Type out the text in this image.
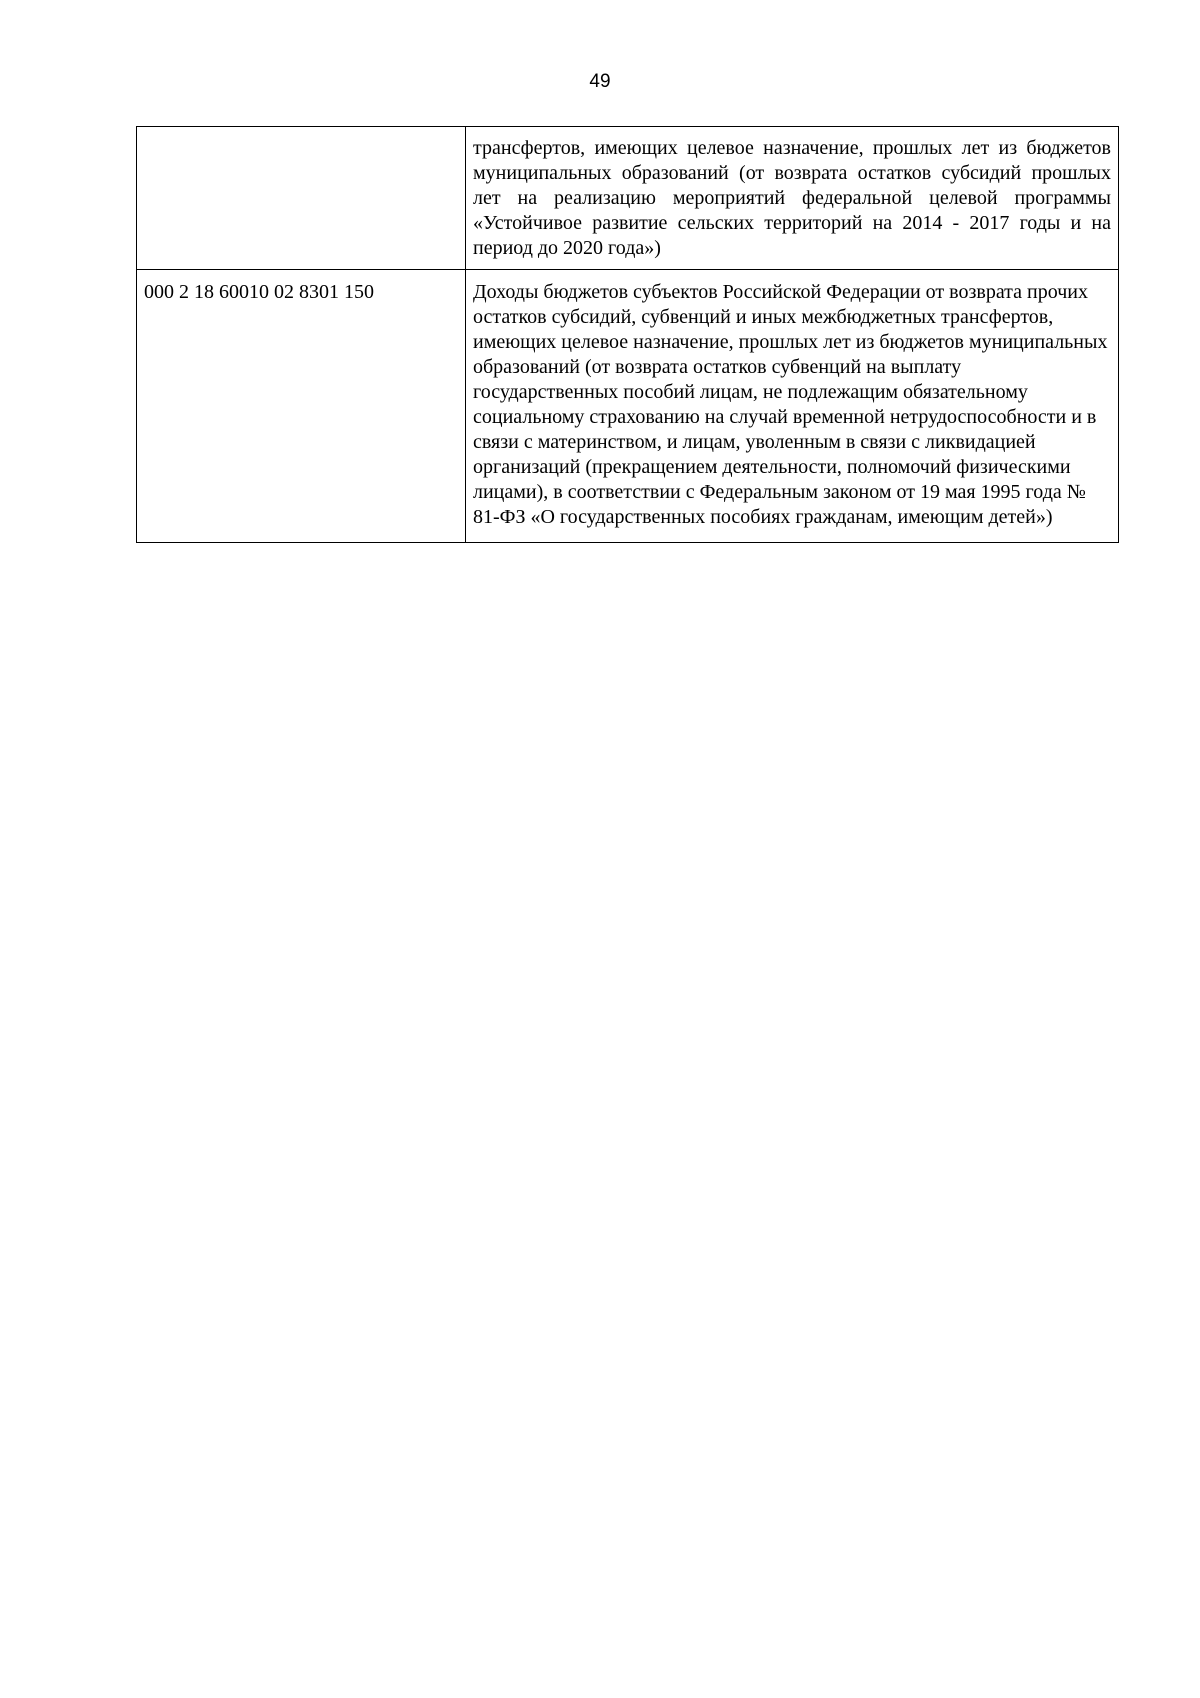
49
	трансфертов, имеющих целевое назначение, прошлых лет из бюджетов муниципальных образований (от возврата остатков субсидий прошлых лет на реализацию мероприятий федеральной целевой программы «Устойчивое развитие сельских территорий на 2014 - 2017 годы и на период до 2020 года»)
000 2 18 60010 02 8301 150	Доходы бюджетов субъектов Российской Федерации от возврата прочих остатков субсидий, субвенций и иных межбюджетных трансфертов, имеющих целевое назначение, прошлых лет из бюджетов муниципальных образований (от возврата остатков субвенций на выплату государственных пособий лицам, не подлежащим обязательному социальному страхованию на случай временной нетрудоспособности и в связи с материнством, и лицам, уволенным в связи с ликвидацией организаций (прекращением деятельности, полномочий физическими лицами), в соответствии с Федеральным законом от 19 мая 1995 года № 81-ФЗ «О государственных пособиях гражданам, имеющим детей»)
